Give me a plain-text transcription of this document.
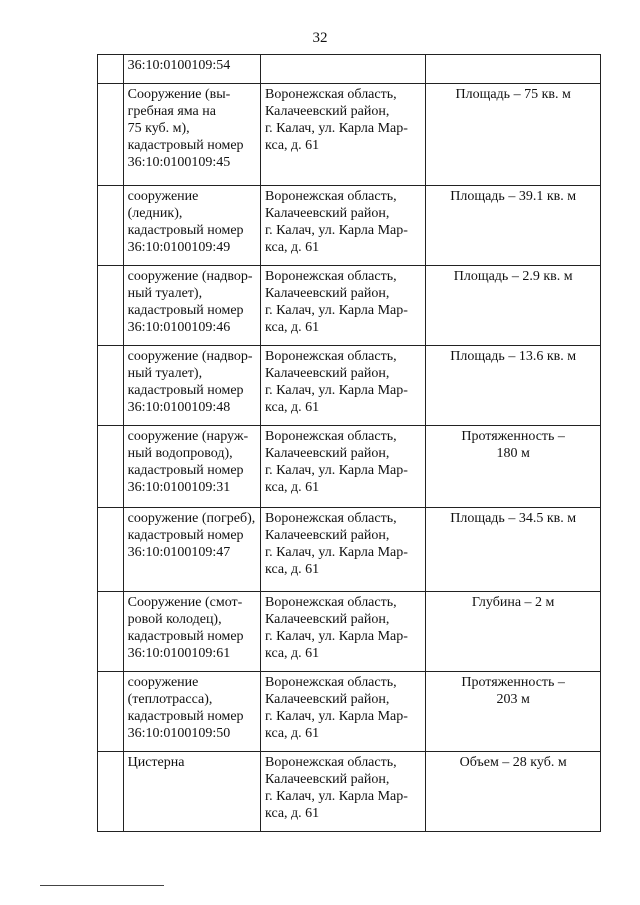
32
	36:10:0100109:54		
	Сооружение (вы-
гребная яма на
75 куб. м),
кадастровый номер
36:10:0100109:45	Воронежская область,
Калачеевский район,
г. Калач, ул. Карла Мар-
кса, д. 61	Площадь – 75 кв. м
	сооружение
(ледник),
кадастровый номер
36:10:0100109:49	Воронежская область,
Калачеевский район,
г. Калач, ул. Карла Мар-
кса, д. 61	Площадь – 39.1 кв. м
	сооружение (надвор-
ный туалет),
кадастровый номер
36:10:0100109:46	Воронежская область,
Калачеевский район,
г. Калач, ул. Карла Мар-
кса, д. 61	Площадь – 2.9 кв. м
	сооружение (надвор-
ный туалет),
кадастровый номер
36:10:0100109:48	Воронежская область,
Калачеевский район,
г. Калач, ул. Карла Мар-
кса, д. 61	Площадь – 13.6 кв. м
	сооружение (наруж-
ный водопровод),
кадастровый номер
36:10:0100109:31	Воронежская область,
Калачеевский район,
г. Калач, ул. Карла Мар-
кса, д. 61	Протяженность –
180 м
	сооружение (погреб),
кадастровый номер
36:10:0100109:47	Воронежская область,
Калачеевский район,
г. Калач, ул. Карла Мар-
кса, д. 61	Площадь – 34.5 кв. м
	Сооружение (смот-
ровой колодец),
кадастровый номер
36:10:0100109:61	Воронежская область,
Калачеевский район,
г. Калач, ул. Карла Мар-
кса, д. 61	Глубина – 2 м
	сооружение
(теплотрасса),
кадастровый номер
36:10:0100109:50	Воронежская область,
Калачеевский район,
г. Калач, ул. Карла Мар-
кса, д. 61	Протяженность –
203 м
	Цистерна	Воронежская область,
Калачеевский район,
г. Калач, ул. Карла Мар-
кса, д. 61	Объем – 28 куб. м
